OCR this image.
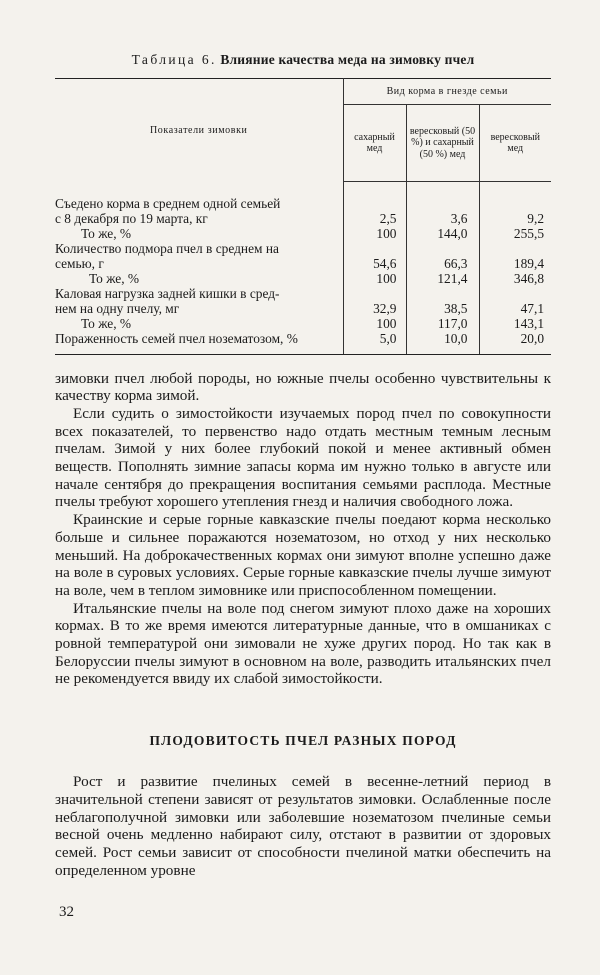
Таблица 6. Влияние качества меда на зимовку пчел
Показатели зимовки	Вид корма в гнезде семьи		
	сахарный мед	вересковый (50 %) и сахарный (50 %) мед	вересковый мед
Съедено корма в среднем одной семьей			
с 8 декабря по 19 марта, кг	2,5	3,6	9,2
То же, %	100	144,0	255,5
Количество подмора пчел в среднем на			
семью, г	54,6	66,3	189,4
То же, %	100	121,4	346,8
Каловая нагрузка задней кишки в сред-			
нем на одну пчелу, мг	32,9	38,5	47,1
То же, %	100	117,0	143,1
Пораженность семей пчел нозематозом, %	5,0	10,0	20,0

зимовки пчел любой породы, но южные пчелы особенно чувствительны к качеству корма зимой.

Если судить о зимостойкости изучаемых пород пчел по совокупности всех показателей, то первенство надо отдать местным темным лесным пчелам. Зимой у них более глубокий покой и менее активный обмен веществ. Пополнять зимние запасы корма им нужно только в августе или начале сентября до прекращения воспитания семьями расплода. Местные пчелы требуют хорошего утепления гнезд и наличия свободного ложа.

Краинские и серые горные кавказские пчелы поедают корма несколько больше и сильнее поражаются нозематозом, но отход у них несколько меньший. На доброкачественных кормах они зимуют вполне успешно даже на воле в суровых условиях. Серые горные кавказские пчелы лучше зимуют на воле, чем в теплом зимовнике или приспособленном помещении.

Итальянские пчелы на воле под снегом зимуют плохо даже на хороших кормах. В то же время имеются литературные данные, что в омшаниках с ровной температурой они зимовали не хуже других пород. Но так как в Белоруссии пчелы зимуют в основном на воле, разводить итальянских пчел не рекомендуется ввиду их слабой зимостойкости.

ПЛОДОВИТОСТЬ ПЧЕЛ РАЗНЫХ ПОРОД

Рост и развитие пчелиных семей в весенне-летний период в значительной степени зависят от результатов зимовки. Ослабленные после неблагополучной зимовки или заболевшие нозематозом пчелиные семьи весной очень медленно набирают силу, отстают в развитии от здоровых семей. Рост семьи зависит от способности пчелиной матки обеспечить на определенном уровне

32
